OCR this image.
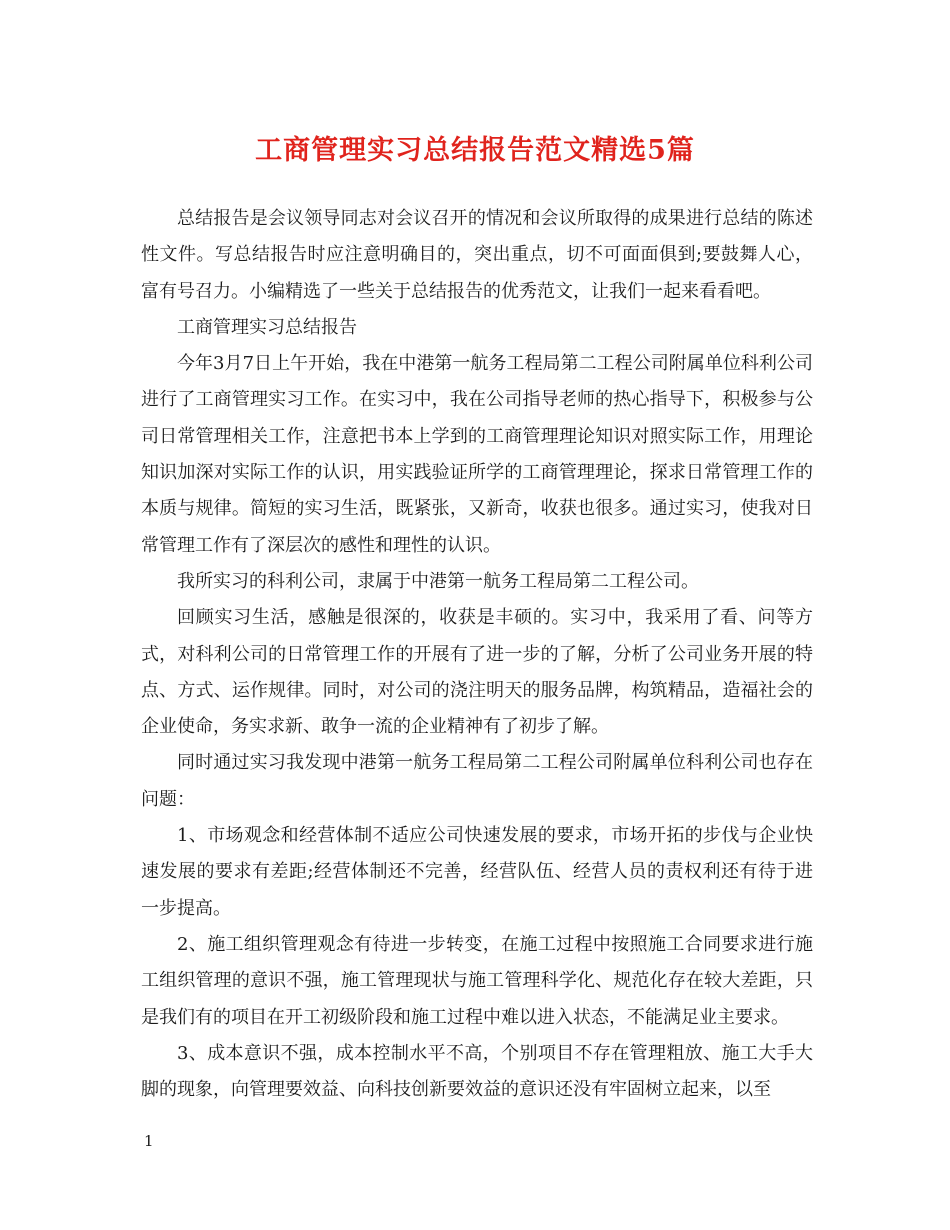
工商管理实习总结报告范文精选5篇

总结报告是会议领导同志对会议召开的情况和会议所取得的成果进行总结的陈述性文件。写总结报告时应注意明确目的，突出重点，切不可面面俱到;要鼓舞人心，富有号召力。小编精选了一些关于总结报告的优秀范文，让我们一起来看看吧。

工商管理实习总结报告

今年3月7日上午开始，我在中港第一航务工程局第二工程公司附属单位科利公司进行了工商管理实习工作。在实习中，我在公司指导老师的热心指导下，积极参与公司日常管理相关工作，注意把书本上学到的工商管理理论知识对照实际工作，用理论知识加深对实际工作的认识，用实践验证所学的工商管理理论，探求日常管理工作的本质与规律。简短的实习生活，既紧张，又新奇，收获也很多。通过实习，使我对日常管理工作有了深层次的感性和理性的认识。

我所实习的科利公司，隶属于中港第一航务工程局第二工程公司。

回顾实习生活，感触是很深的，收获是丰硕的。实习中，我采用了看、问等方式，对科利公司的日常管理工作的开展有了进一步的了解，分析了公司业务开展的特点、方式、运作规律。同时，对公司的浇注明天的服务品牌，构筑精品，造福社会的企业使命，务实求新、敢争一流的企业精神有了初步了解。

同时通过实习我发现中港第一航务工程局第二工程公司附属单位科利公司也存在问题：

1、市场观念和经营体制不适应公司快速发展的要求，市场开拓的步伐与企业快速发展的要求有差距;经营体制还不完善，经营队伍、经营人员的责权利还有待于进一步提高。

2、施工组织管理观念有待进一步转变，在施工过程中按照施工合同要求进行施工组织管理的意识不强，施工管理现状与施工管理科学化、规范化存在较大差距，只是我们有的项目在开工初级阶段和施工过程中难以进入状态，不能满足业主要求。

3、成本意识不强，成本控制水平不高，个别项目不存在管理粗放、施工大手大脚的现象，向管理要效益、向科技创新要效益的意识还没有牢固树立起来，以至

1
